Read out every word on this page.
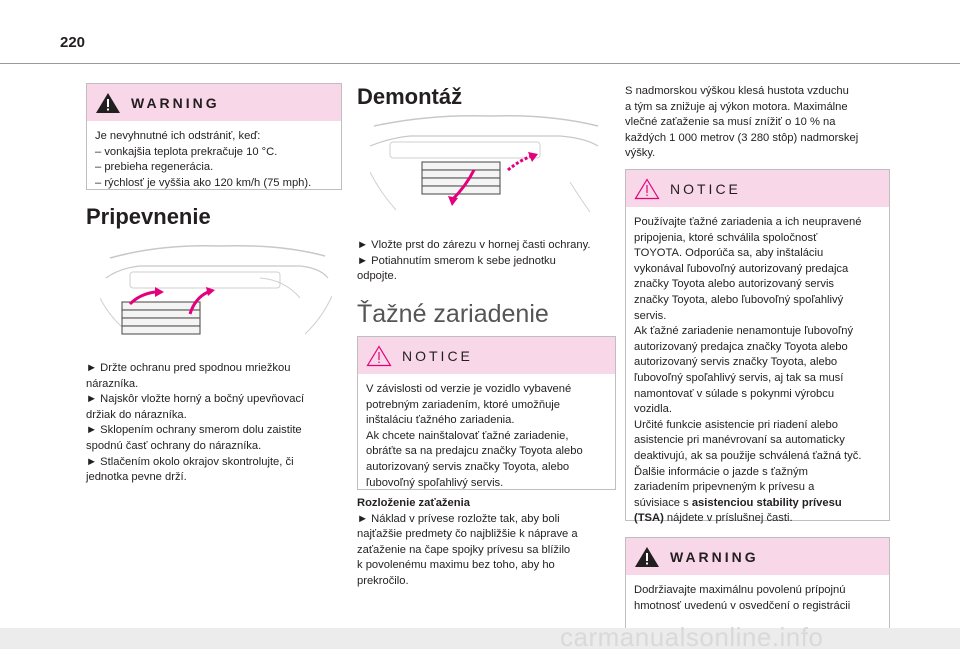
220
WARNING
Je nevyhnutné ich odstrániť, keď:
– vonkajšia teplota prekračuje 10 °C.
– prebieha regenerácia.
– rýchlosť je vyššia ako 120 km/h (75 mph).
Pripevnenie
► Držte ochranu pred spodnou mriežkou
nárazníka.
► Najskôr vložte horný a bočný upevňovací
držiak do nárazníka.
► Sklopením ochrany smerom dolu zaistite
spodnú časť ochrany do nárazníka.
► Stlačením okolo okrajov skontrolujte, či
jednotka pevne drží.
Demontáž
► Vložte prst do zárezu v hornej časti ochrany.
► Potiahnutím smerom k sebe jednotku
odpojte.
Ťažné zariadenie
NOTICE
V závislosti od verzie je vozidlo vybavené
potrebným zariadením, ktoré umožňuje
inštaláciu ťažného zariadenia.
Ak chcete nainštalovať ťažné zariadenie,
obráťte sa na predajcu značky Toyota alebo
autorizovaný servis značky Toyota, alebo
ľubovoľný spoľahlivý servis.
Rozloženie zaťaženia
► Náklad v prívese rozložte tak, aby boli
najťažšie predmety čo najbližšie k náprave a
zaťaženie na čape spojky prívesu sa blížilo
k povolenému maximu bez toho, aby ho
prekročilo.
S nadmorskou výškou klesá hustota vzduchu
a tým sa znižuje aj výkon motora. Maximálne
vlečné zaťaženie sa musí znížiť o 10 % na
každých 1 000 metrov (3 280 stôp) nadmorskej
výšky.
NOTICE
Používajte ťažné zariadenia a ich neupravené
pripojenia, ktoré schválila spoločnosť
TOYOTA. Odporúča sa, aby inštaláciu
vykonával ľubovoľný autorizovaný predajca
značky Toyota alebo autorizovaný servis
značky Toyota, alebo ľubovoľný spoľahlivý
servis.
Ak ťažné zariadenie nenamontuje ľubovoľný
autorizovaný predajca značky Toyota alebo
autorizovaný servis značky Toyota, alebo
ľubovoľný spoľahlivý servis, aj tak sa musí
namontovať v súlade s pokynmi výrobcu
vozidla.
Určité funkcie asistencie pri riadení alebo
asistencie pri manévrovaní sa automaticky
deaktivujú, ak sa použije schválená ťažná tyč.
Ďalšie informácie o jazde s ťažným
zariadením pripevneným k prívesu a
súvisiace s asistenciou stability prívesu
(TSA) nájdete v príslušnej časti.
WARNING
Dodržiavajte maximálnu povolenú prípojnú
hmotnosť uvedenú v osvedčení o registrácii
carmanualsonline.info
